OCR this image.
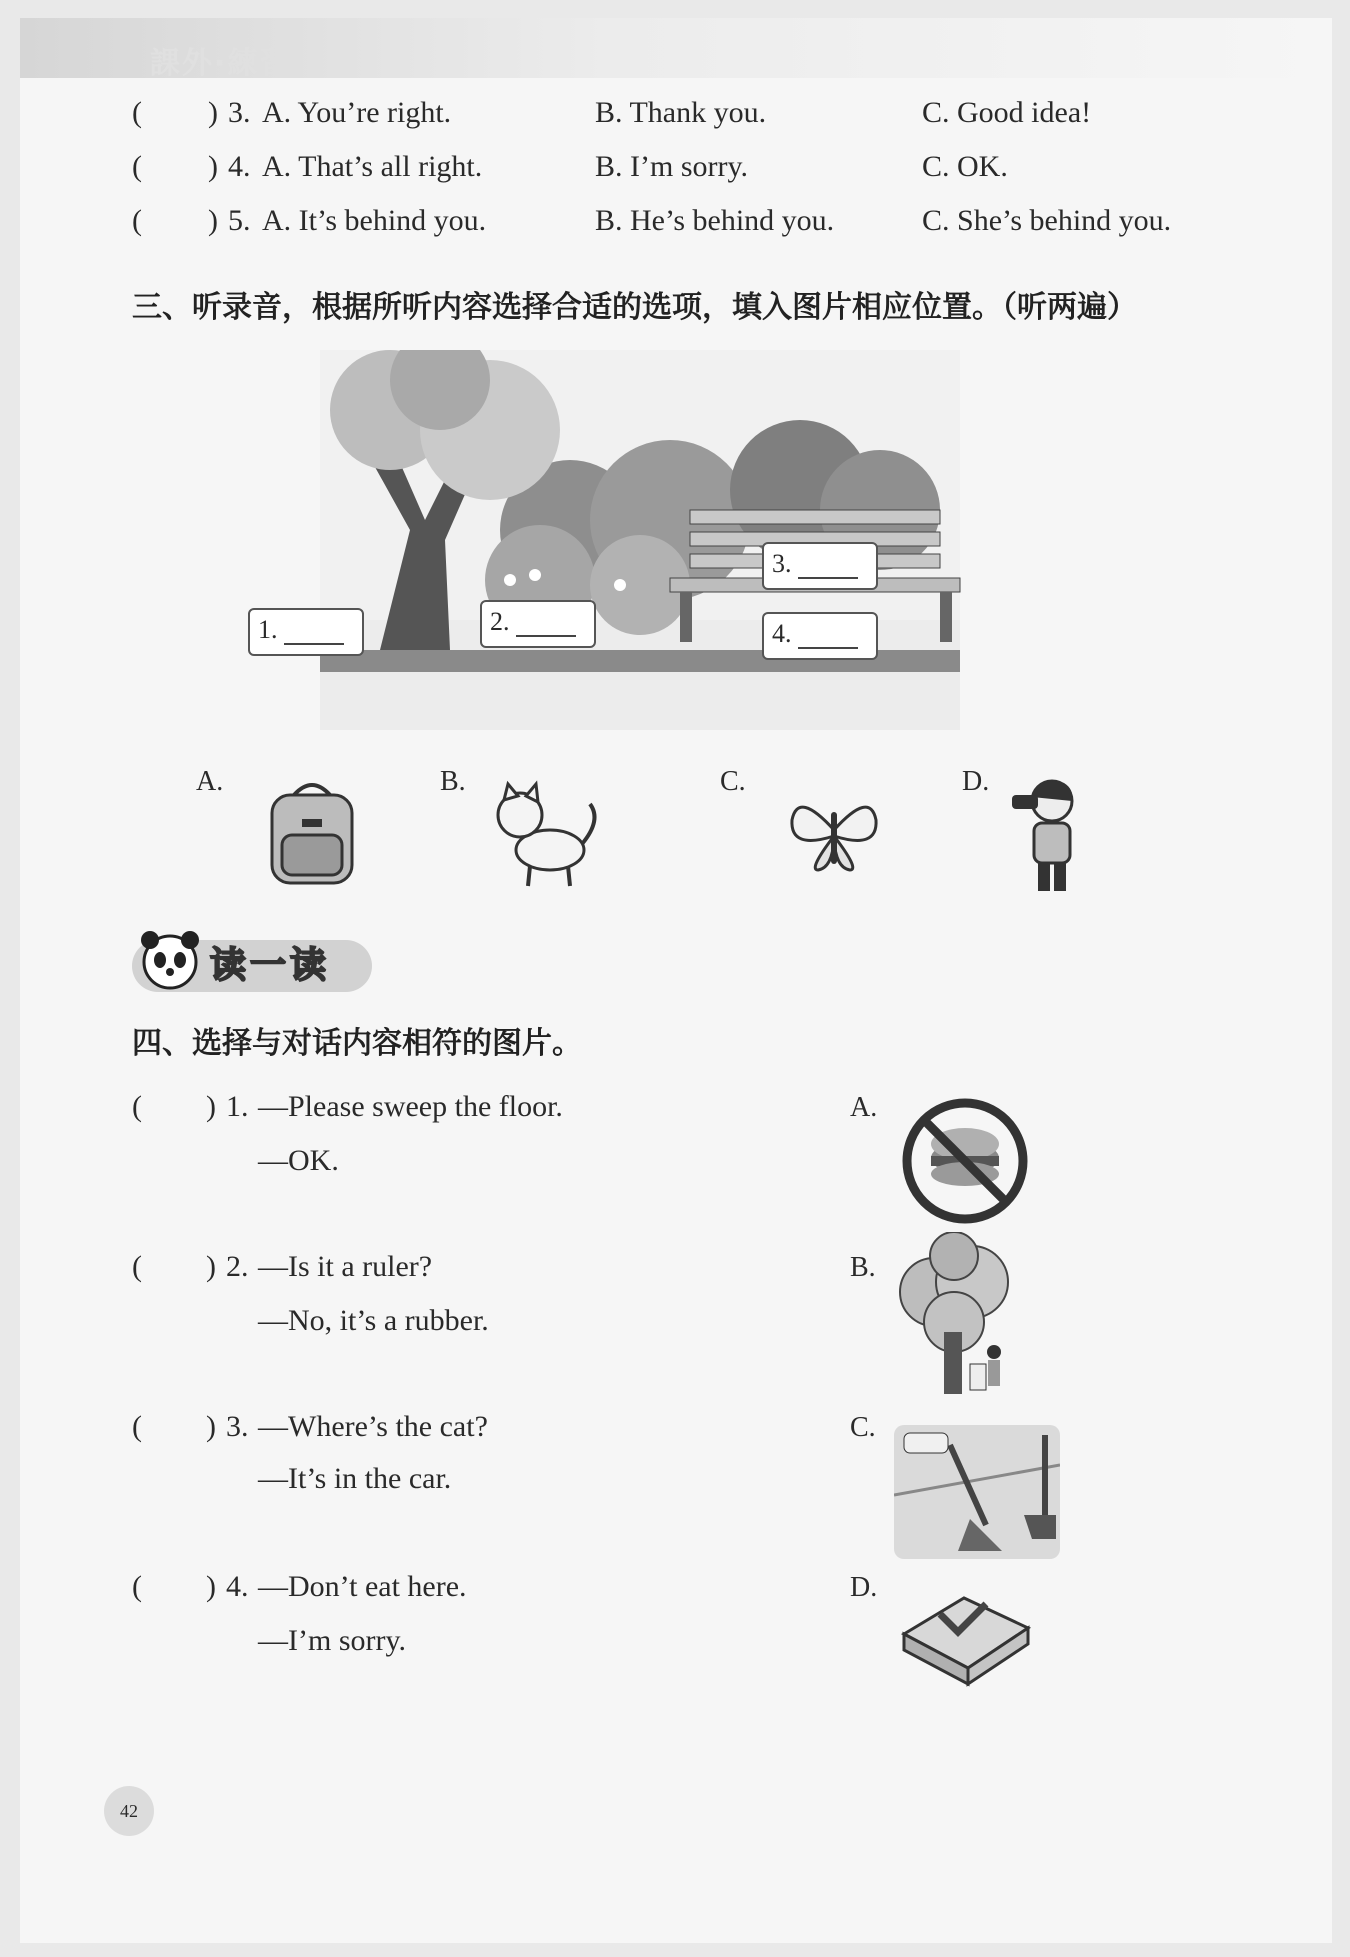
課外·練習
( ) 3. A. You’re right.	B. Thank you.	C. Good idea!
( ) 4. A. That’s all right.	B. I’m sorry.	C. OK.
( ) 5. A. It’s behind you.	B. He’s behind you.	C. She’s behind you.
三、听录音，根据所听内容选择合适的选项，填入图片相应位置。（听两遍）
1.	2.
3.
4.
A.	B.	C.	D.
读一读
四、选择与对话内容相符的图片。
( ) 1. —Please sweep the floor.
—OK.
( ) 2. —Is it a ruler?
—No, it’s a rubber.
( ) 3. —Where’s the cat?
—It’s in the car.
( ) 4. —Don’t eat here.
—I’m sorry.
A.
B.
C.
D.
42
